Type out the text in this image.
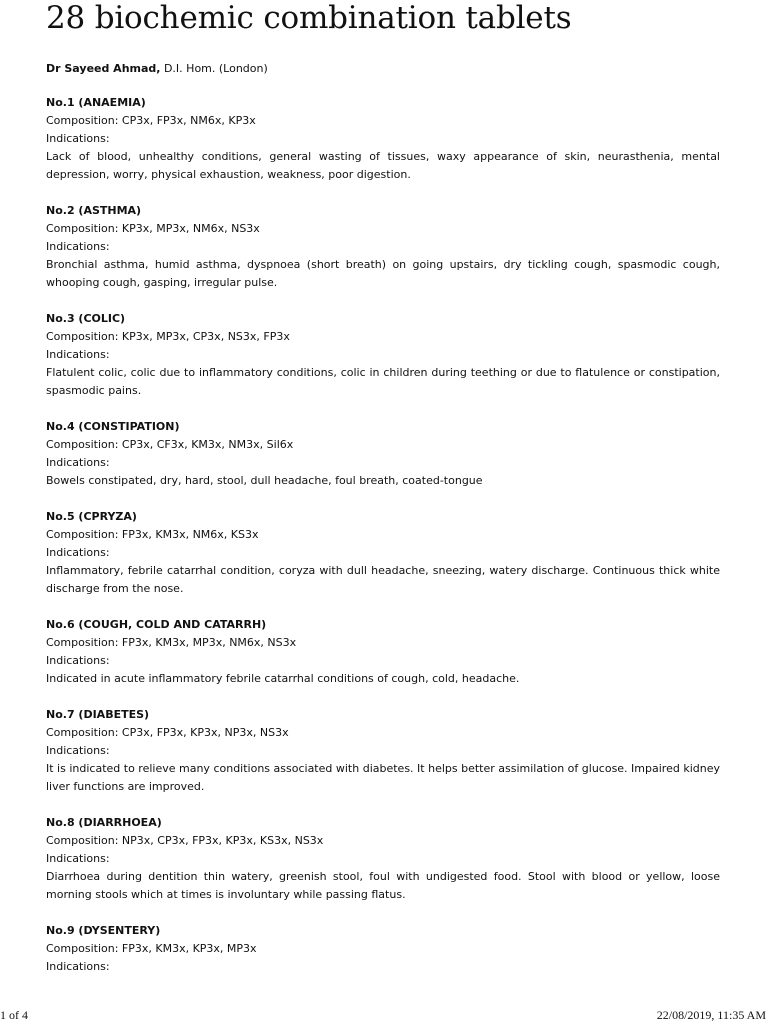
28 biochemic combination tablets

Dr Sayeed Ahmad, D.I. Hom. (London)

No.1 (ANAEMIA)
Composition: CP3x, FP3x, NM6x, KP3x
Indications:
Lack of blood, unhealthy conditions, general wasting of tissues, waxy appearance of skin, neurasthenia, mental depression, worry, physical exhaustion, weakness, poor digestion.
No.2 (ASTHMA)
Composition: KP3x, MP3x, NM6x, NS3x
Indications:
Bronchial asthma, humid asthma, dyspnoea (short breath) on going upstairs, dry tickling cough, spasmodic cough, whooping cough, gasping, irregular pulse.
No.3 (COLIC)
Composition: KP3x, MP3x, CP3x, NS3x, FP3x
Indications:
Flatulent colic, colic due to inflammatory conditions, colic in children during teething or due to flatulence or constipation, spasmodic pains.
No.4 (CONSTIPATION)
Composition: CP3x, CF3x, KM3x, NM3x, Sil6x
Indications:
Bowels constipated, dry, hard, stool, dull headache, foul breath, coated-tongue
No.5 (CPRYZA)
Composition: FP3x, KM3x, NM6x, KS3x
Indications:
Inflammatory, febrile catarrhal condition, coryza with dull headache, sneezing, watery discharge. Continuous thick white discharge from the nose.
No.6 (COUGH, COLD AND CATARRH)
Composition: FP3x, KM3x, MP3x, NM6x, NS3x
Indications:
Indicated in acute inflammatory febrile catarrhal conditions of cough, cold, headache.
No.7 (DIABETES)
Composition: CP3x, FP3x, KP3x, NP3x, NS3x
Indications:
It is indicated to relieve many conditions associated with diabetes. It helps better assimilation of glucose. Impaired kidney liver functions are improved.
No.8 (DIARRHOEA)
Composition: NP3x, CP3x, FP3x, KP3x, KS3x, NS3x
Indications:
Diarrhoea during dentition thin watery, greenish stool, foul with undigested food. Stool with blood or yellow, loose morning stools which at times is involuntary while passing flatus.
No.9 (DYSENTERY)
Composition: FP3x, KM3x, KP3x, MP3x
Indications:
1 of 4	22/08/2019, 11:35 AM
